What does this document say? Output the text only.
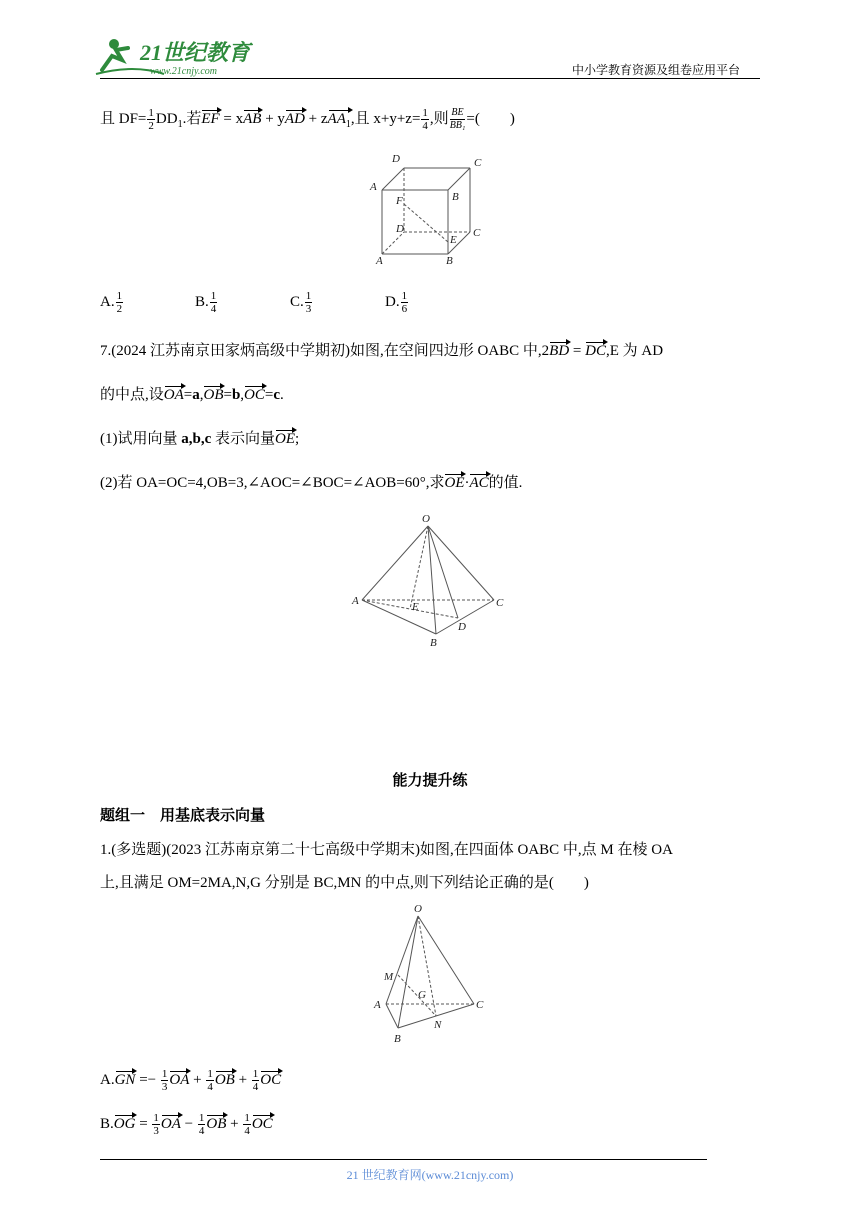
21世纪教育
www.21cnjy.com	中小学教育资源及组卷应用平台
且 $DF= \frac{1}{2} DD_1$.若EF = xAB + yAD + zAA$_1$,且 $x+y+z= \frac{1}{4}$ ,则 $\frac{BE}{\text{BB₁}}$ =(        )
D	C
A
B
F
D
E
C
A	B
A. $\frac{1}{2}$	B. $\frac{1}{4}$	C. $\frac{1}{3}$	D. $\frac{1}{6}$
7.(2024 江苏南京田家炳高级中学期初)如图,在空间四边形 OABC 中,2BD = DC,E 为 AD
的中点,设OA=a,OB=b,OC=c.
(1)试用向量 a,b,c 表示向量OE;
(2)若 OA=OC=4,OB=3,∠AOC=∠BOC=∠AOB=60°,求OE·AC的值.
O
A	C
E
D
B
能力提升练
题组一　用基底表示向量
1.(多选题)(2023 江苏南京第二十七高级中学期末)如图,在四面体 OABC 中,点 M 在棱 OA
上,且满足 OM=2MA,N,G 分别是 BC,MN 的中点,则下列结论正确的是(        )
O
M
G
A
N
C
B
$A.GN =- \frac{1}{3}$ OA + $\frac{1}{4}$ OB + $\frac{1}{4}$ OC
$B.OG = \frac{1}{3}$ OA − $\frac{1}{4}$ OB + $\frac{1}{4}$ OC
21 世纪教育网(www.21cnjy.com)
